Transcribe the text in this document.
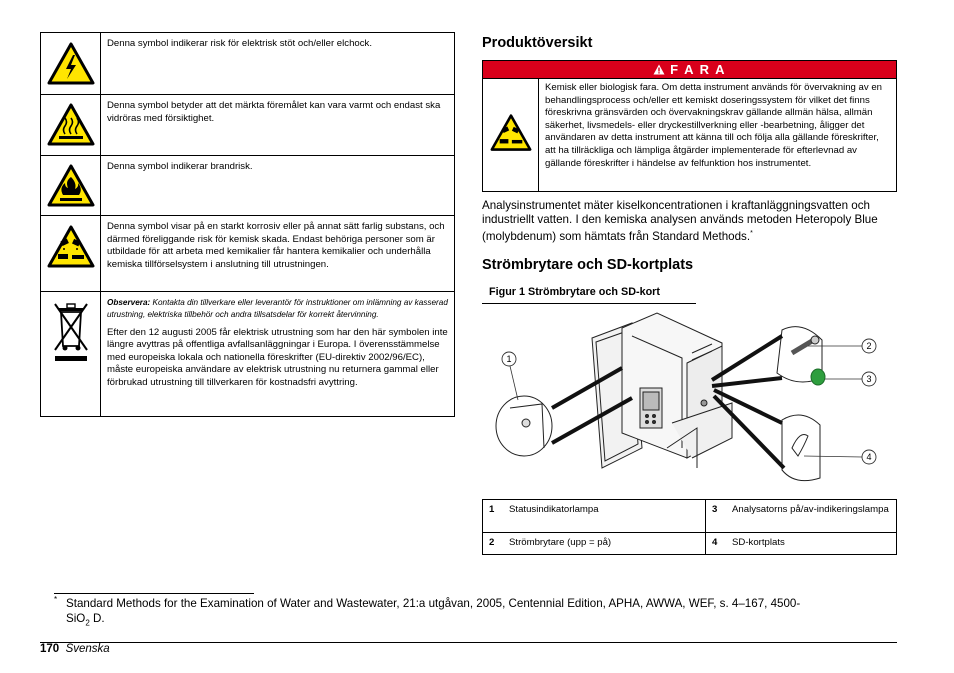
	Denna symbol indikerar risk för elektrisk stöt och/eller elchock.
	Denna symbol betyder att det märkta föremålet kan vara varmt och endast ska vidröras med försiktighet.
	Denna symbol indikerar brandrisk.
	Denna symbol visar på en starkt korrosiv eller på annat sätt farlig substans, och därmed föreliggande risk för kemisk skada. Endast behöriga personer som är utbildade för att arbeta med kemikalier får hantera kemikalier och underhålla kemiska tillförselsystem i anslutning till utrustningen.

Observera: Kontakta din tillverkare eller leverantör för instruktioner om inlämning av kasserad utrustning, elektriska tillbehör och andra tillsatsdelar för korrekt återvinning.
Efter den 12 augusti 2005 får elektrisk utrustning som har den här symbolen inte längre avyttras på offentliga avfallsanläggningar i Europa. I överensstämmelse med europeiska lokala och nationella föreskrifter (EU-direktiv 2002/96/EC), måste europeiska användare av elektrisk utrustning nu returnera gammal eller förbrukad utrustning till tillverkaren för kostnadsfri avyttring.
Produktöversikt
F A R A
	Kemisk eller biologisk fara. Om detta instrument används för övervakning av en behandlingsprocess och/eller ett kemiskt doseringssystem för vilket det finns föreskrivna gränsvärden och övervakningskrav gällande allmän hälsa, allmän säkerhet, livsmedels- eller dryckestillverkning eller -bearbetning, åligger det användaren av detta instrument att känna till och följa alla gällande föreskrifter, att ha tillräckliga och lämpliga åtgärder implementerade för efterlevnad av gällande föreskrifter i händelse av felfunktion hos instrumentet.
Analysinstrumentet mäter kiselkoncentrationen i kraftanläggningsvatten och industriellt vatten. I den kemiska analysen används metoden Heteropoly Blue (molybdenum) som hämtats från Standard Methods.*
Strömbrytare och SD-kortplats
Figur 1 Strömbrytare och SD-kort
1
2
3
4
1	Statusindikatorlampa	3	Analysatorns på/av-indikeringslampa
2	Strömbrytare (upp = på)	4	SD-kortplats
* Standard Methods for the Examination of Water and Wastewater, 21:a utgåvan, 2005, Centennial Edition, APHA, AWWA, WEF, s. 4–167, 4500-
SiO$_2$ D.
170 Svenska
